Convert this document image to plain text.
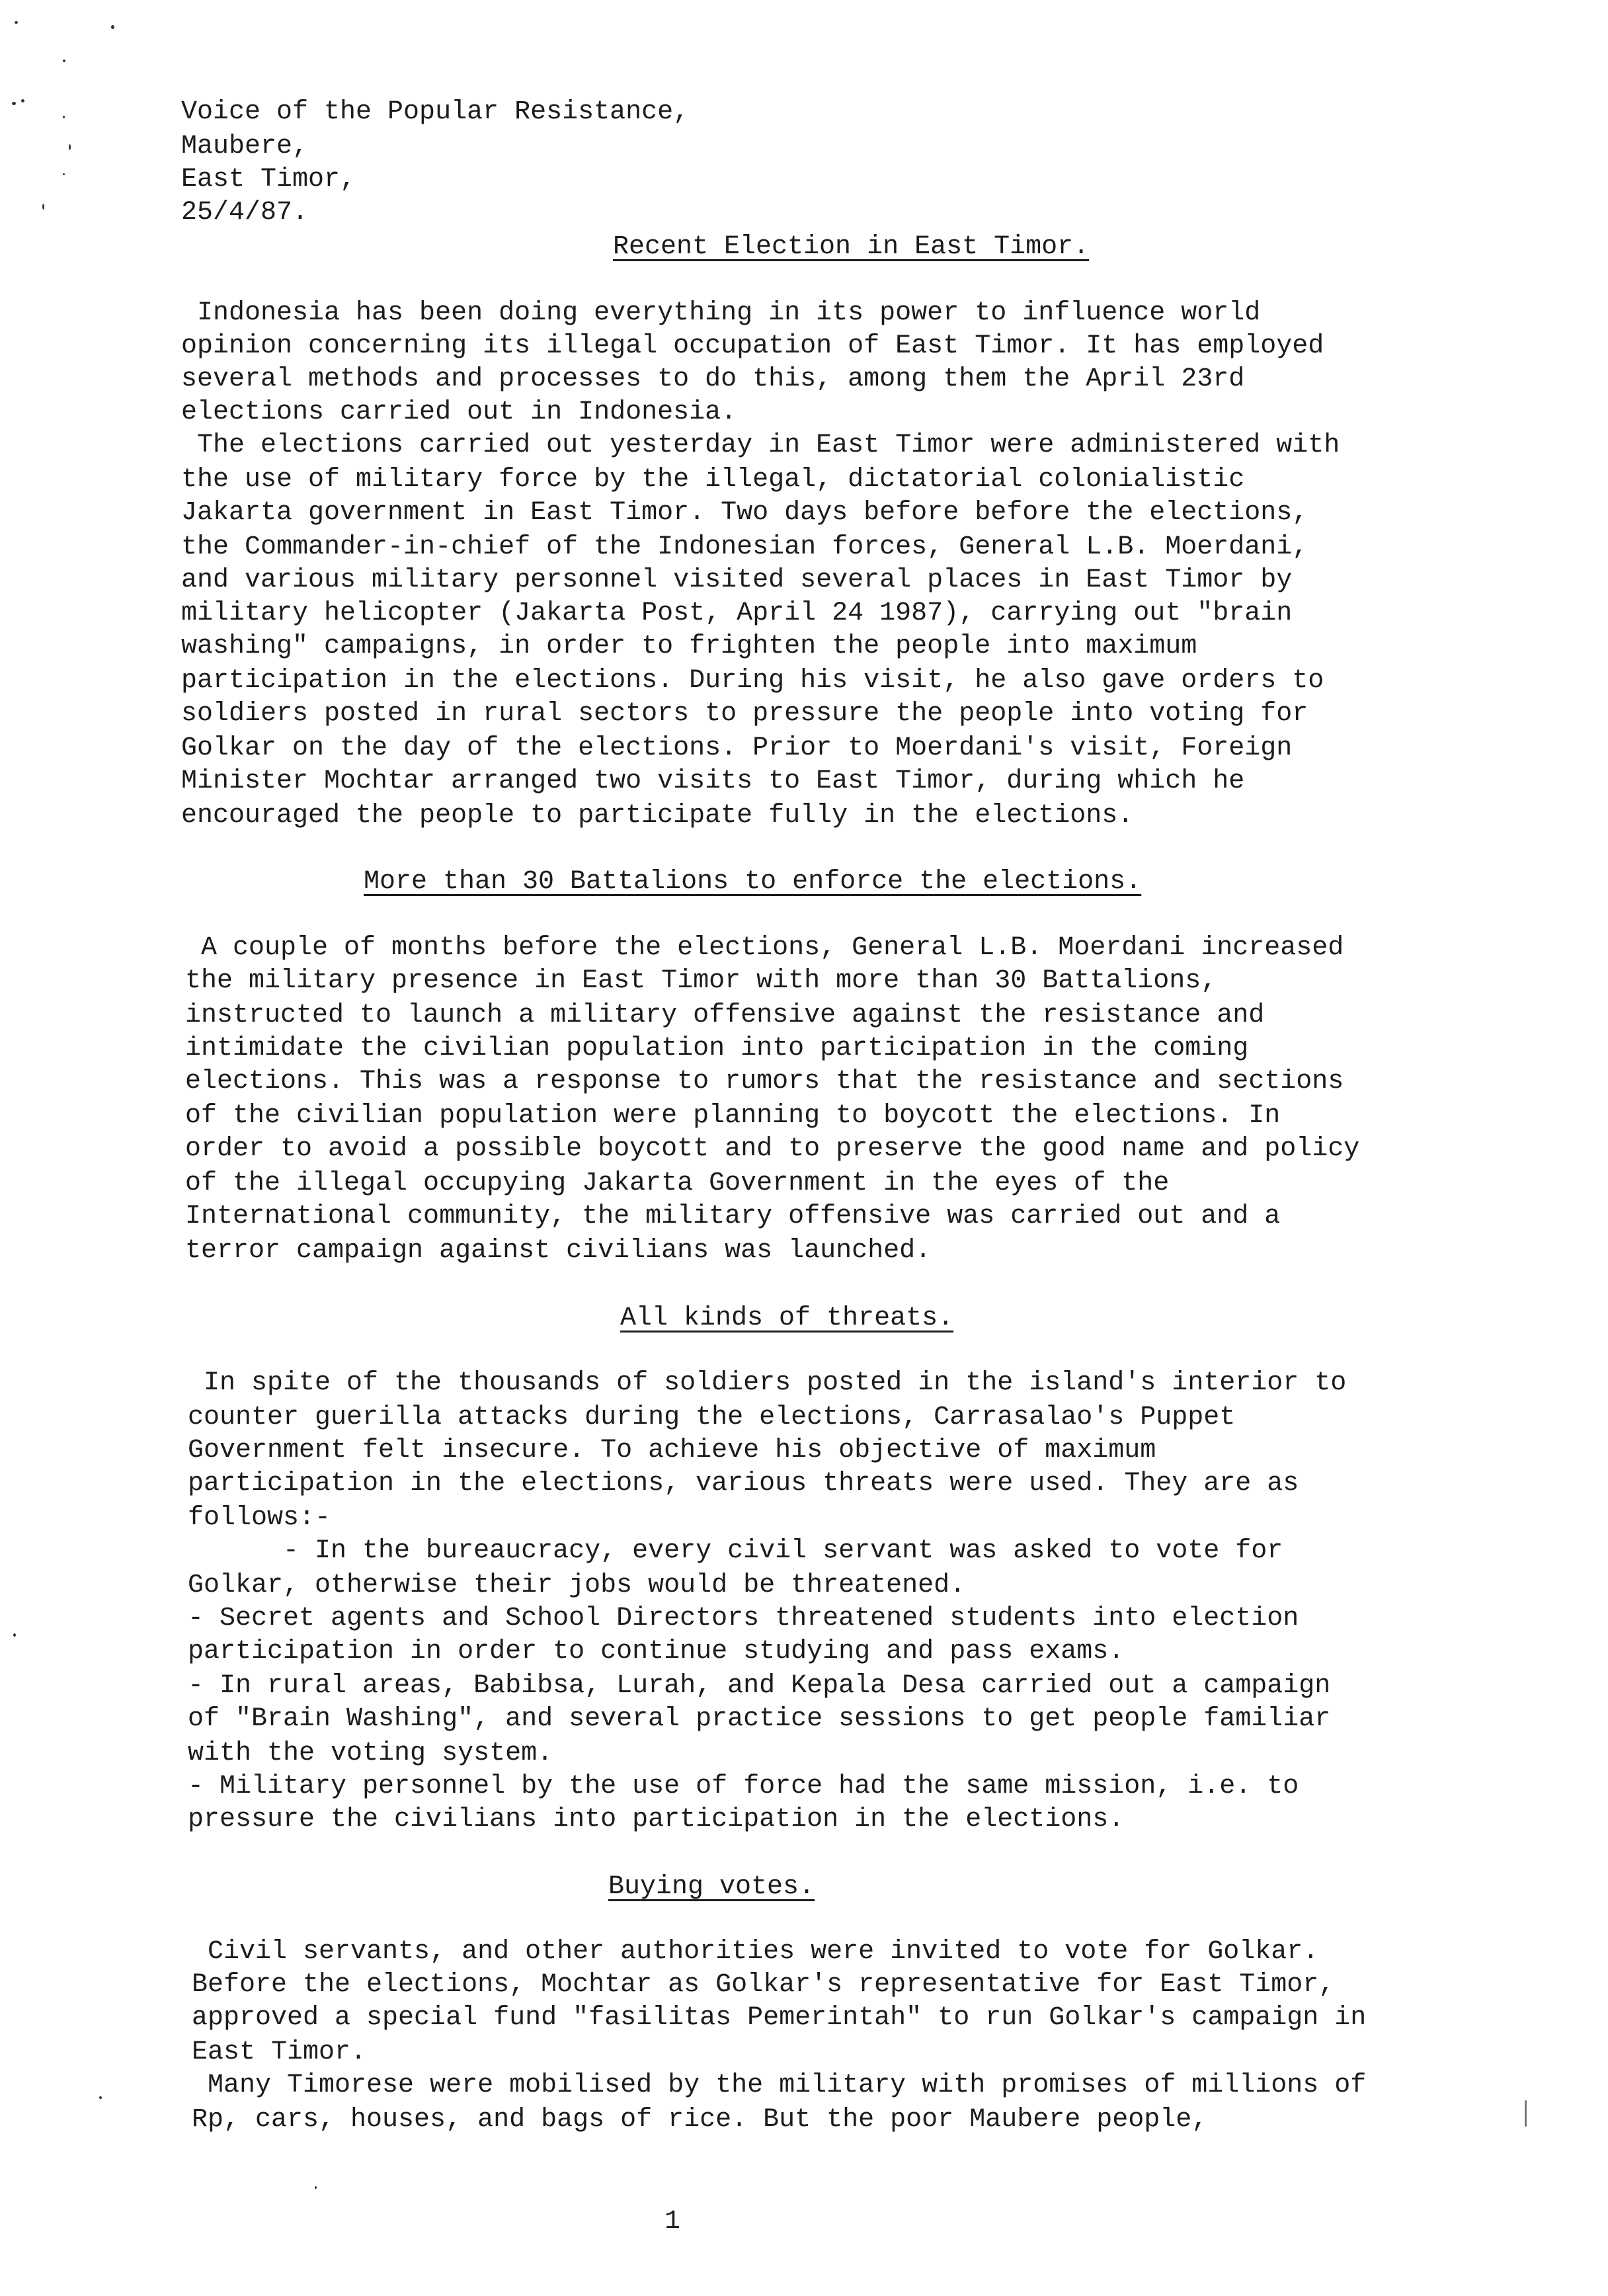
Voice of the Popular Resistance,
Maubere,
East Timor,
25/4/87.
Recent Election in East Timor.
Indonesia has been doing everything in its power to influence world
opinion concerning its illegal occupation of East Timor. It has employed
several methods and processes to do this, among them the April 23rd
elections carried out in Indonesia.
The elections carried out yesterday in East Timor were administered with
the use of military force by the illegal, dictatorial colonialistic
Jakarta government in East Timor. Two days before before the elections,
the Commander-in-chief of the Indonesian forces, General L.B. Moerdani,
and various military personnel visited several places in East Timor by
military helicopter (Jakarta Post, April 24 1987), carrying out "brain
washing" campaigns, in order to frighten the people into maximum
participation in the elections. During his visit, he also gave orders to
soldiers posted in rural sectors to pressure the people into voting for
Golkar on the day of the elections. Prior to Moerdani's visit, Foreign
Minister Mochtar arranged two visits to East Timor, during which he
encouraged the people to participate fully in the elections.
More than 30 Battalions to enforce the elections.
A couple of months before the elections, General L.B. Moerdani increased
the military presence in East Timor with more than 30 Battalions,
instructed to launch a military offensive against the resistance and
intimidate the civilian population into participation in the coming
elections. This was a response to rumors that the resistance and sections
of the civilian population were planning to boycott the elections. In
order to avoid a possible boycott and to preserve the good name and policy
of the illegal occupying Jakarta Government in the eyes of the
International community, the military offensive was carried out and a
terror campaign against civilians was launched.
All kinds of threats.
In spite of the thousands of soldiers posted in the island's interior to
counter guerilla attacks during the elections, Carrasalao's Puppet
Government felt insecure. To achieve his objective of maximum
participation in the elections, various threats were used. They are as
follows:-
- In the bureaucracy, every civil servant was asked to vote for
Golkar, otherwise their jobs would be threatened.
- Secret agents and School Directors threatened students into election
participation in order to continue studying and pass exams.
- In rural areas, Babibsa, Lurah, and Kepala Desa carried out a campaign
of "Brain Washing", and several practice sessions to get people familiar
with the voting system.
- Military personnel by the use of force had the same mission, i.e. to
pressure the civilians into participation in the elections.
Buying votes.
Civil servants, and other authorities were invited to vote for Golkar.
Before the elections, Mochtar as Golkar's representative for East Timor,
approved a special fund "fasilitas Pemerintah" to run Golkar's campaign in
East Timor.
Many Timorese were mobilised by the military with promises of millions of
Rp, cars, houses, and bags of rice. But the poor Maubere people,
1
